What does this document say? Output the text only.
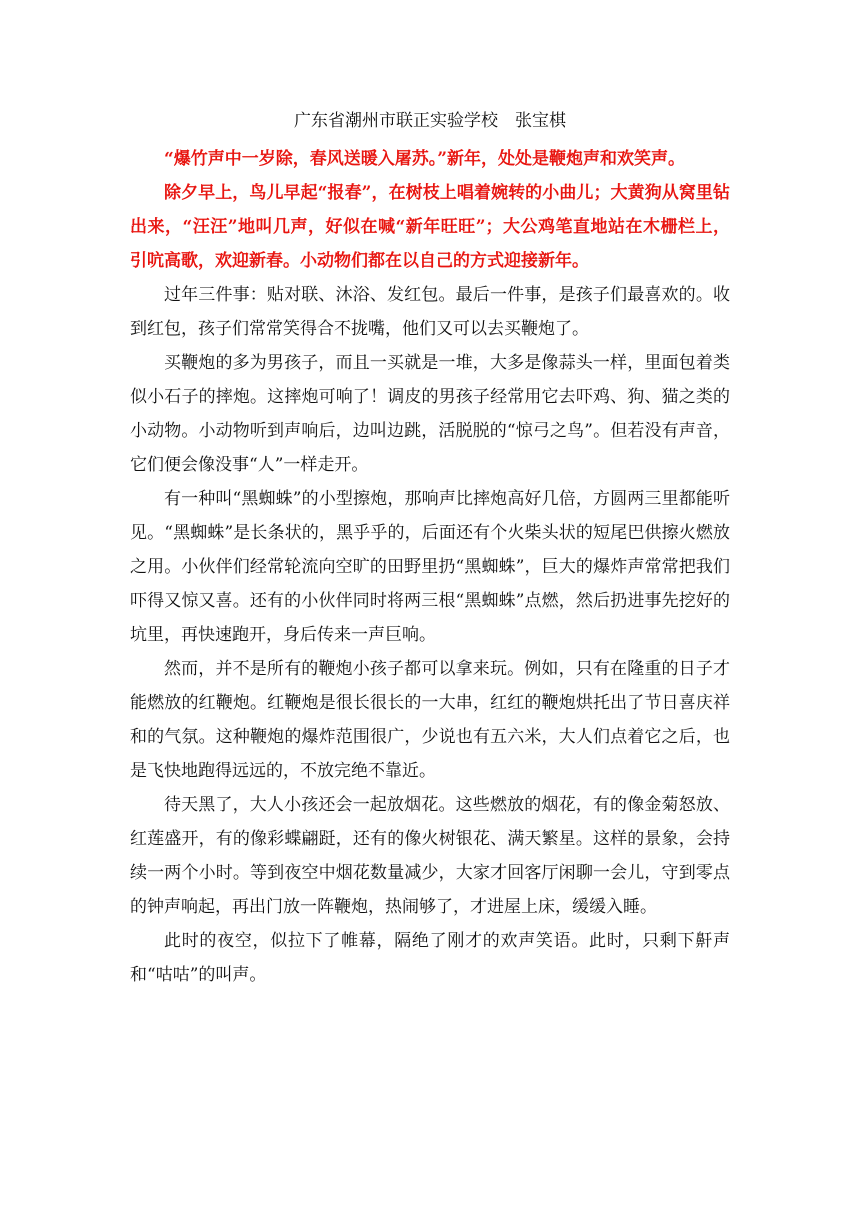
广东省潮州市联正实验学校　张宝棋

“爆竹声中一岁除，春风送暖入屠苏。”新年，处处是鞭炮声和欢笑声。

除夕早上，鸟儿早起“报春”，在树枝上唱着婉转的小曲儿；大黄狗从窝里钻出来，“汪汪”地叫几声，好似在喊“新年旺旺”；大公鸡笔直地站在木栅栏上，引吭高歌，欢迎新春。小动物们都在以自己的方式迎接新年。

过年三件事：贴对联、沐浴、发红包。最后一件事，是孩子们最喜欢的。收到红包，孩子们常常笑得合不拢嘴，他们又可以去买鞭炮了。

买鞭炮的多为男孩子，而且一买就是一堆，大多是像蒜头一样，里面包着类似小石子的摔炮。这摔炮可响了！调皮的男孩子经常用它去吓鸡、狗、猫之类的小动物。小动物听到声响后，边叫边跳，活脱脱的“惊弓之鸟”。但若没有声音，它们便会像没事“人”一样走开。

有一种叫“黑蜘蛛”的小型擦炮，那响声比摔炮高好几倍，方圆两三里都能听见。“黑蜘蛛”是长条状的，黑乎乎的，后面还有个火柴头状的短尾巴供擦火燃放之用。小伙伴们经常轮流向空旷的田野里扔“黑蜘蛛”，巨大的爆炸声常常把我们吓得又惊又喜。还有的小伙伴同时将两三根“黑蜘蛛”点燃，然后扔进事先挖好的坑里，再快速跑开，身后传来一声巨响。

然而，并不是所有的鞭炮小孩子都可以拿来玩。例如，只有在隆重的日子才能燃放的红鞭炮。红鞭炮是很长很长的一大串，红红的鞭炮烘托出了节日喜庆祥和的气氛。这种鞭炮的爆炸范围很广，少说也有五六米，大人们点着它之后，也是飞快地跑得远远的，不放完绝不靠近。

待天黑了，大人小孩还会一起放烟花。这些燃放的烟花，有的像金菊怒放、红莲盛开，有的像彩蝶翩跹，还有的像火树银花、满天繁星。这样的景象，会持续一两个小时。等到夜空中烟花数量减少，大家才回客厅闲聊一会儿，守到零点的钟声响起，再出门放一阵鞭炮，热闹够了，才进屋上床，缓缓入睡。

此时的夜空，似拉下了帷幕，隔绝了刚才的欢声笑语。此时，只剩下鼾声和“咕咕”的叫声。
